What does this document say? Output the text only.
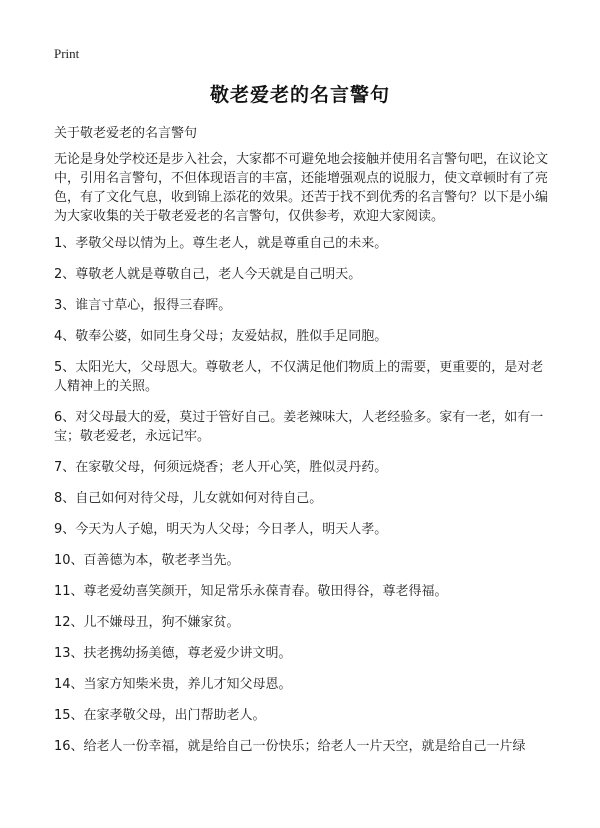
Print
敬老爱老的名言警句
关于敬老爱老的名言警句

无论是身处学校还是步入社会，大家都不可避免地会接触并使用名言警句吧，在议论文中，引用名言警句，不但体现语言的丰富，还能增强观点的说服力，使文章顿时有了亮色，有了文化气息，收到锦上添花的效果。还苦于找不到优秀的名言警句？以下是小编为大家收集的关于敬老爱老的名言警句，仅供参考，欢迎大家阅读。

1、孝敬父母以情为上。尊生老人，就是尊重自己的未来。
2、尊敬老人就是尊敬自己，老人今天就是自己明天。
3、谁言寸草心，报得三春晖。
4、敬奉公婆，如同生身父母；友爱姑叔，胜似手足同胞。
5、太阳光大，父母恩大。尊敬老人，不仅满足他们物质上的需要，更重要的，是对老人精神上的关照。
6、对父母最大的爱，莫过于管好自己。姜老辣味大，人老经验多。家有一老，如有一宝；敬老爱老，永远记牢。
7、在家敬父母，何须远烧香；老人开心笑，胜似灵丹药。
8、自己如何对待父母，儿女就如何对待自己。
9、今天为人子媳，明天为人父母；今日孝人，明天人孝。
10、百善德为本，敬老孝当先。
11、尊老爱幼喜笑颜开，知足常乐永葆青春。敬田得谷，尊老得福。
12、儿不嫌母丑，狗不嫌家贫。
13、扶老携幼扬美德，尊老爱少讲文明。
14、当家方知柴米贵，养儿才知父母恩。
15、在家孝敬父母，出门帮助老人。
16、给老人一份幸福，就是给自己一份快乐；给老人一片天空，就是给自己一片绿
